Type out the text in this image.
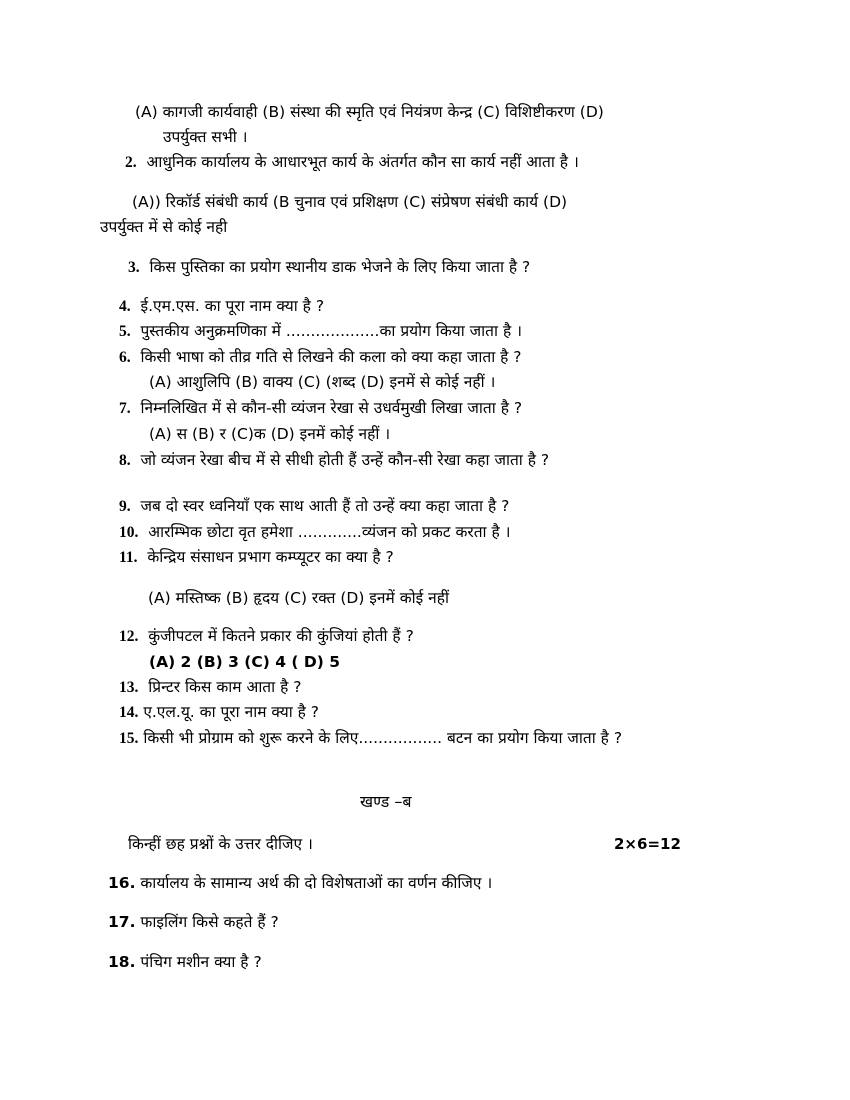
(A) कागजी कार्यवाही (B) संस्था की स्मृति एवं नियंत्रण केन्द्र (C) विशिष्टीकरण (D)
उपर्युक्त सभी ।
2. आधुनिक कार्यालय के आधारभूत कार्य के अंतर्गत कौन सा कार्य नहीं आता है ।
(A)) रिकॉर्ड संबंधी कार्य (B चुनाव एवं प्रशिक्षण (C) संप्रेषण संबंधी कार्य (D)
उपर्युक्त में से कोई नही
3. किस पुस्तिका का प्रयोग स्थानीय डाक भेजने के लिए किया जाता है ?
4. ई.एम.एस. का पूरा नाम क्या है ?
5. पुस्तकीय अनुक्रमणिका में ...................का प्रयोग किया जाता है ।
6. किसी भाषा को तीव्र गति से लिखने की कला को क्या कहा जाता है ?
(A) आशुलिपि (B) वाक्य (C) (शब्द (D) इनमें से कोई नहीं ।
7. निम्नलिखित में से कौन-सी व्यंजन रेखा से उधर्वमुखी लिखा जाता है ?
(A) स (B) र (C)क (D) इनमें कोई नहीं ।
8. जो व्यंजन रेखा बीच में से सीधी होती हैं उन्हें कौन-सी रेखा कहा जाता है ?
9. जब दो स्वर ध्वनियाँ एक साथ आती हैं तो उन्हें क्या कहा जाता है ?
10. आरम्भिक छोटा वृत हमेशा .............व्यंजन को प्रकट करता है ।
11. केन्द्रिय संसाधन प्रभाग कम्प्यूटर का क्या है ?
(A) मस्तिष्क (B) हृदय (C) रक्त (D) इनमें कोई नहीं
12. कुंजीपटल में कितने प्रकार की कुंजियां होती हैं ?
(A) 2 (B) 3 (C) 4 ( D) 5
13. प्रिन्टर किस काम आता है ?
14. ए.एल.यू. का पूरा नाम क्या है ?
15. किसी भी प्रोग्राम को शुरू करने के लिए................. बटन का प्रयोग किया जाता है ?
खण्ड –ब
किन्हीं छह प्रश्नों के उत्तर दीजिए ।	2×6=12
16. कार्यालय के सामान्य अर्थ की दो विशेषताओं का वर्णन कीजिए ।
17. फाइलिंग किसे कहते हैं ?
18. पंचिग मशीन क्या है ?
